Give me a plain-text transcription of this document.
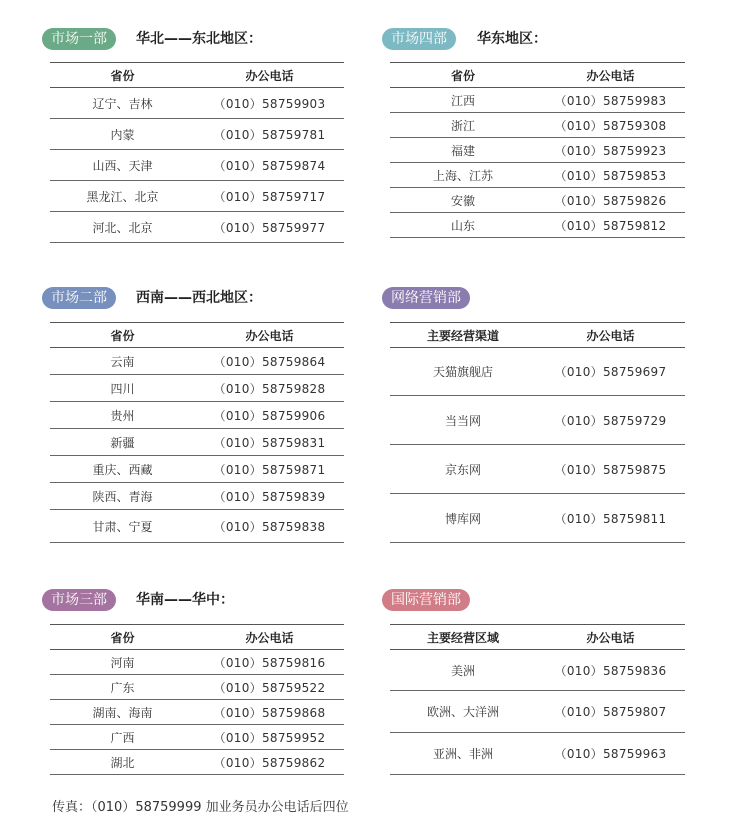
市场一部	华北——东北地区：
省份	办公电话
辽宁、吉林	（010）58759903
内蒙	（010）58759781
山西、天津	（010）58759874
黑龙江、北京	（010）58759717
河北、北京	（010）58759977
市场四部	华东地区：
省份	办公电话
江西	（010）58759983
浙江	（010）58759308
福建	（010）58759923
上海、江苏	（010）58759853
安徽	（010）58759826
山东	（010）58759812
市场二部	西南——西北地区：
省份	办公电话
云南	（010）58759864
四川	（010）58759828
贵州	（010）58759906
新疆	（010）58759831
重庆、西藏	（010）58759871
陕西、青海	（010）58759839
甘肃、宁夏	（010）58759838
网络营销部
主要经营渠道	办公电话
天猫旗舰店	（010）58759697
当当网	（010）58759729
京东网	（010）58759875
博库网	（010）58759811
市场三部	华南——华中：
省份	办公电话
河南	（010）58759816
广东	（010）58759522
湖南、海南	（010）58759868
广西	（010）58759952
湖北	（010）58759862
国际营销部
主要经营区域	办公电话
美洲	（010）58759836
欧洲、大洋洲	（010）58759807
亚洲、非洲	（010）58759963
传真：（010）58759999 加业务员办公电话后四位
